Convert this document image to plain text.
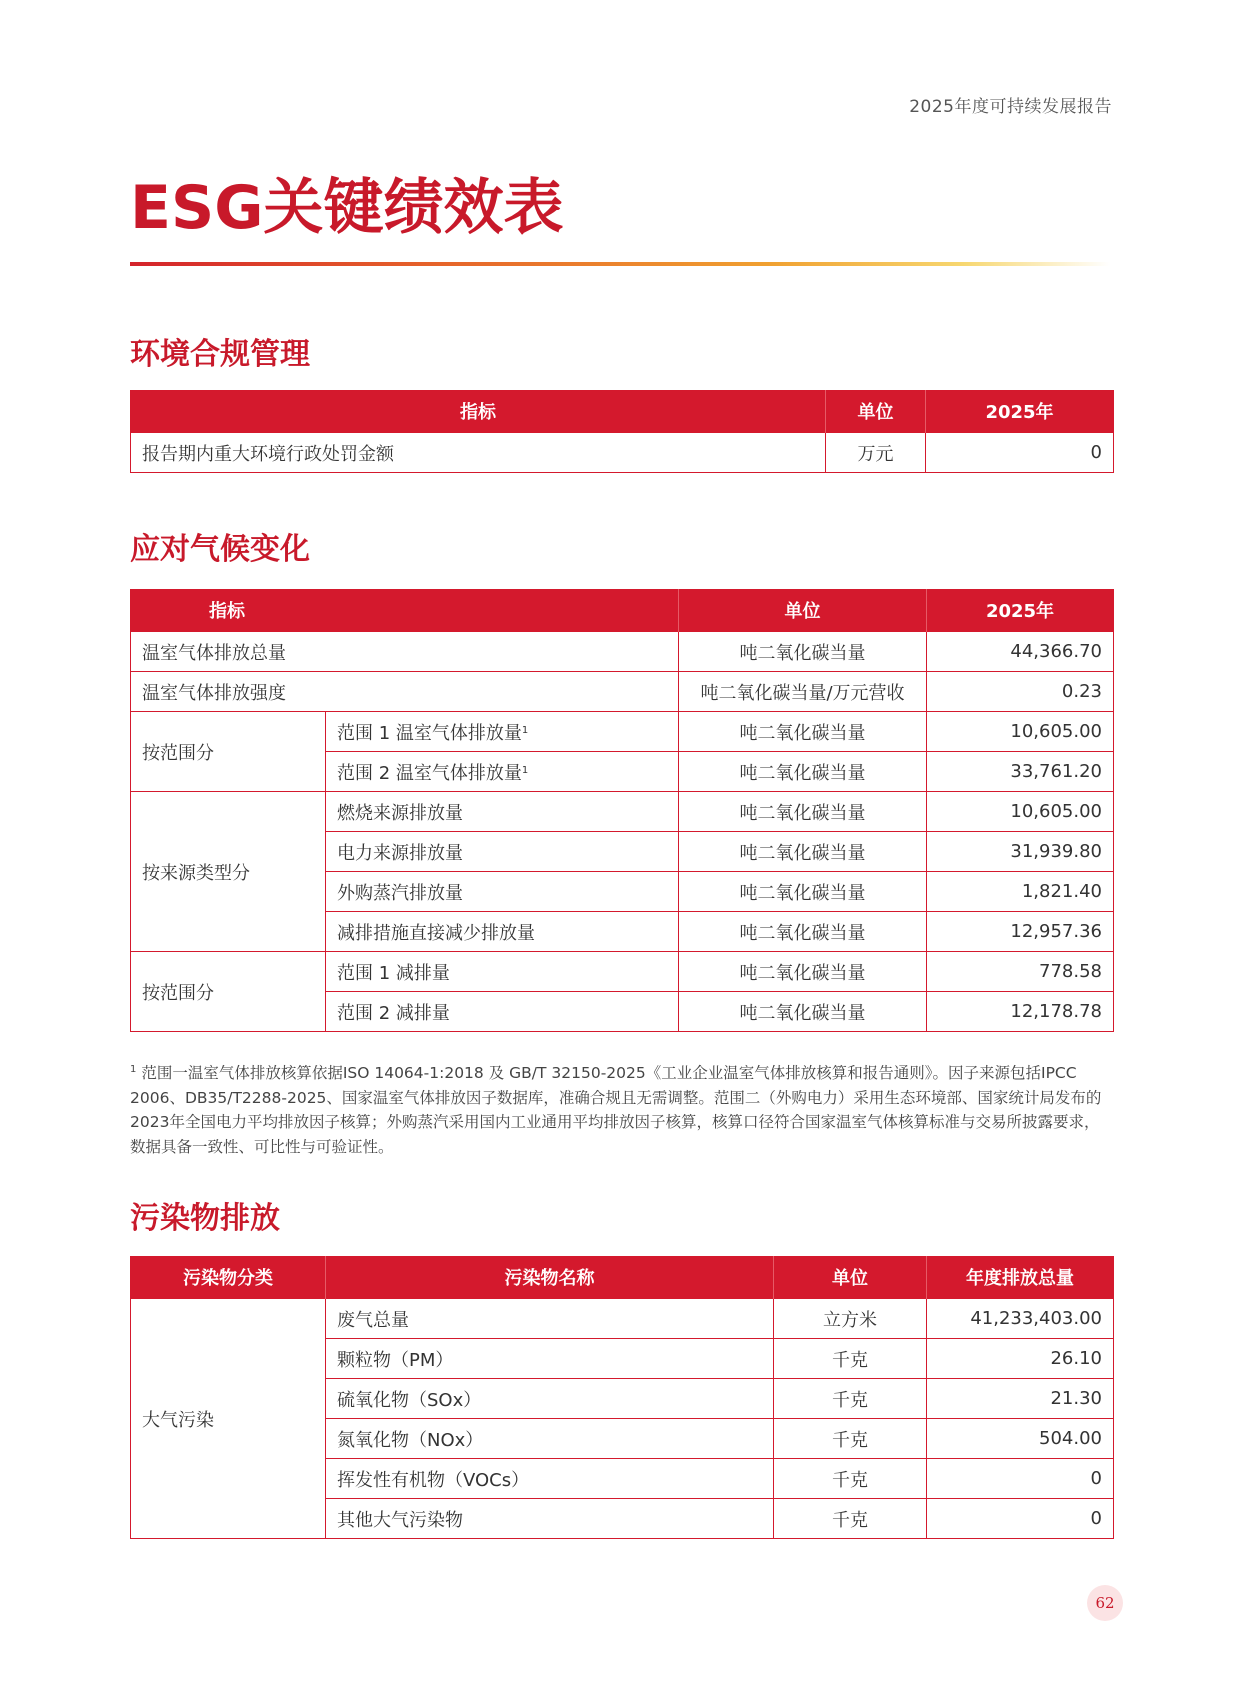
2025年度可持续发展报告
ESG关键绩效表
环境合规管理
指标	单位	2025年
报告期内重大环境行政处罚金额	万元	0
应对气候变化
指标		单位	2025年
温室气体排放总量		吨二氧化碳当量	44,366.70
温室气体排放强度		吨二氧化碳当量/万元营收	0.23
按范围分	范围 1 温室气体排放量$^1$	吨二氧化碳当量	10,605.00
	范围 2 温室气体排放量$^1$	吨二氧化碳当量	33,761.20
按来源类型分	燃烧来源排放量	吨二氧化碳当量	10,605.00
	电力来源排放量	吨二氧化碳当量	31,939.80
	外购蒸汽排放量	吨二氧化碳当量	1,821.40
	减排措施直接减少排放量	吨二氧化碳当量	12,957.36
按范围分	范围 1 减排量	吨二氧化碳当量	778.58
	范围 2 减排量	吨二氧化碳当量	12,178.78

$^1$ 范围一温室气体排放核算依据ISO 14064-1:2018 及 GB/T 32150-2025《工业企业温室气体排放核算和报告通则》。因子来源包括IPCC 2006、DB35/T2288-2025、国家温室气体排放因子数据库，准确合规且无需调整。范围二（外购电力）采用生态环境部、国家统计局发布的2023年全国电力平均排放因子核算；外购蒸汽采用国内工业通用平均排放因子核算，核算口径符合国家温室气体核算标准与交易所披露要求，数据具备一致性、可比性与可验证性。

污染物排放
污染物分类	污染物名称	单位	年度排放总量
大气污染	废气总量	立方米	41,233,403.00
	颗粒物（PM）	千克	26.10
	硫氧化物（SOx）	千克	21.30
	氮氧化物（NOx）	千克	504.00
	挥发性有机物（VOCs）	千克	0
	其他大气污染物	千克	0
62
